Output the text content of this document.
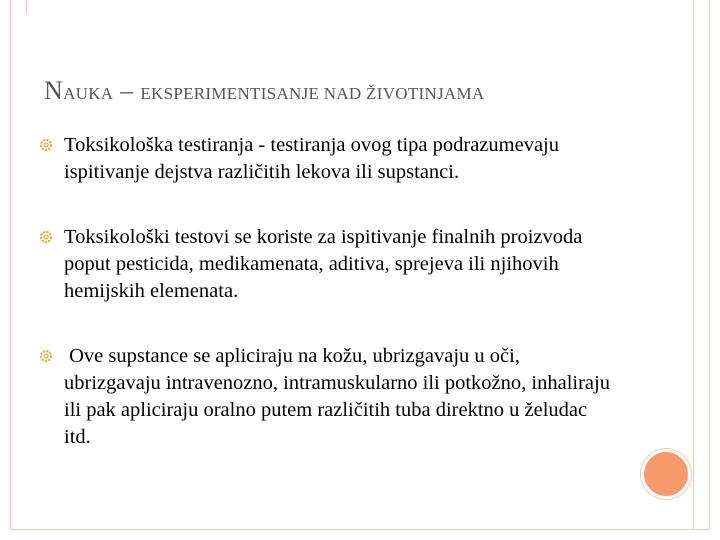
NAUKA – EKSPERIMENTISANJE NAD ŽIVOTINJAMA
Toksikološka testiranja - testiranja ovog tipa podrazumevaju ispitivanje dejstva različitih lekova ili supstanci.
Toksikološki testovi se koriste za ispitivanje finalnih proizvoda poput pesticida, medikamenata, aditiva, sprejeva ili njihovih hemijskih elemenata.
Ove supstance se apliciraju na kožu, ubrizgavaju u oči, ubrizgavaju intravenozno, intramuskularno ili potkožno, inhaliraju ili pak apliciraju oralno putem različitih tuba direktno u želudac itd.
